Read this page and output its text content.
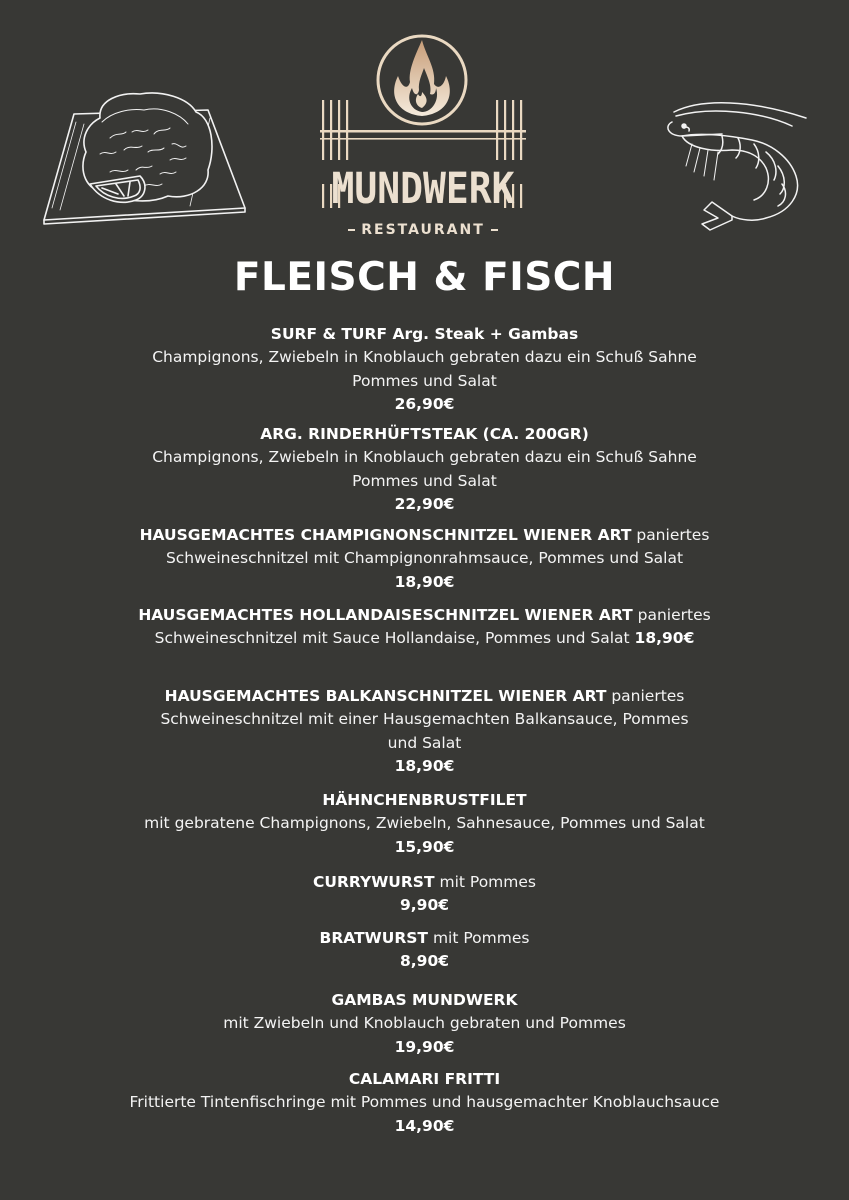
MUNDWERK
RESTAURANT
FLEISCH & FISCH
SURF & TURF Arg. Steak + Gambas
Champignons, Zwiebeln in Knoblauch gebraten dazu ein Schuß Sahne
Pommes und Salat
26,90€
ARG. RINDERHÜFTSTEAK (CA. 200GR)
Champignons, Zwiebeln in Knoblauch gebraten dazu ein Schuß Sahne
Pommes und Salat
22,90€
HAUSGEMACHTES CHAMPIGNONSCHNITZEL WIENER ART paniertes
Schweineschnitzel mit Champignonrahmsauce, Pommes und Salat
18,90€
HAUSGEMACHTES HOLLANDAISESCHNITZEL WIENER ART paniertes
Schweineschnitzel mit Sauce Hollandaise, Pommes und Salat 18,90€
HAUSGEMACHTES BALKANSCHNITZEL WIENER ART paniertes
Schweineschnitzel mit einer Hausgemachten Balkansauce, Pommes
und Salat
18,90€
HÄHNCHENBRUSTFILET
mit gebratene Champignons, Zwiebeln, Sahnesauce, Pommes und Salat
15,90€
CURRYWURST mit Pommes
9,90€
BRATWURST mit Pommes
8,90€
GAMBAS MUNDWERK
mit Zwiebeln und Knoblauch gebraten und Pommes
19,90€
CALAMARI FRITTI
Frittierte Tintenfischringe mit Pommes und hausgemachter Knoblauchsauce
14,90€
